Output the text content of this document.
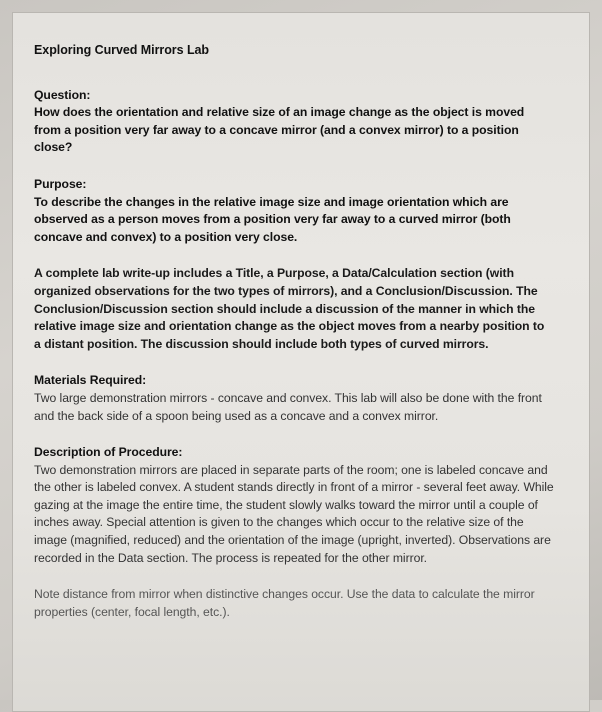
Exploring Curved Mirrors Lab

Question:

How does the orientation and relative size of an image change as the object is moved from a position very far away to a concave mirror (and a convex mirror) to a position close?

Purpose:

To describe the changes in the relative image size and image orientation which are observed as a person moves from a position very far away to a curved mirror (both concave and convex) to a position very close.

A complete lab write-up includes a Title, a Purpose, a Data/Calculation section (with organized observations for the two types of mirrors), and a Conclusion/Discussion. The Conclusion/Discussion section should include a discussion of the manner in which the relative image size and orientation change as the object moves from a nearby position to a distant position. The discussion should include both types of curved mirrors.

Materials Required:

Two large demonstration mirrors - concave and convex. This lab will also be done with the front and the back side of a spoon being used as a concave and a convex mirror.

Description of Procedure:

Two demonstration mirrors are placed in separate parts of the room; one is labeled concave and the other is labeled convex. A student stands directly in front of a mirror - several feet away. While gazing at the image the entire time, the student slowly walks toward the mirror until a couple of inches away. Special attention is given to the changes which occur to the relative size of the image (magnified, reduced) and the orientation of the image (upright, inverted). Observations are recorded in the Data section. The process is repeated for the other mirror.

Note distance from mirror when distinctive changes occur. Use the data to calculate the mirror properties (center, focal length, etc.).
